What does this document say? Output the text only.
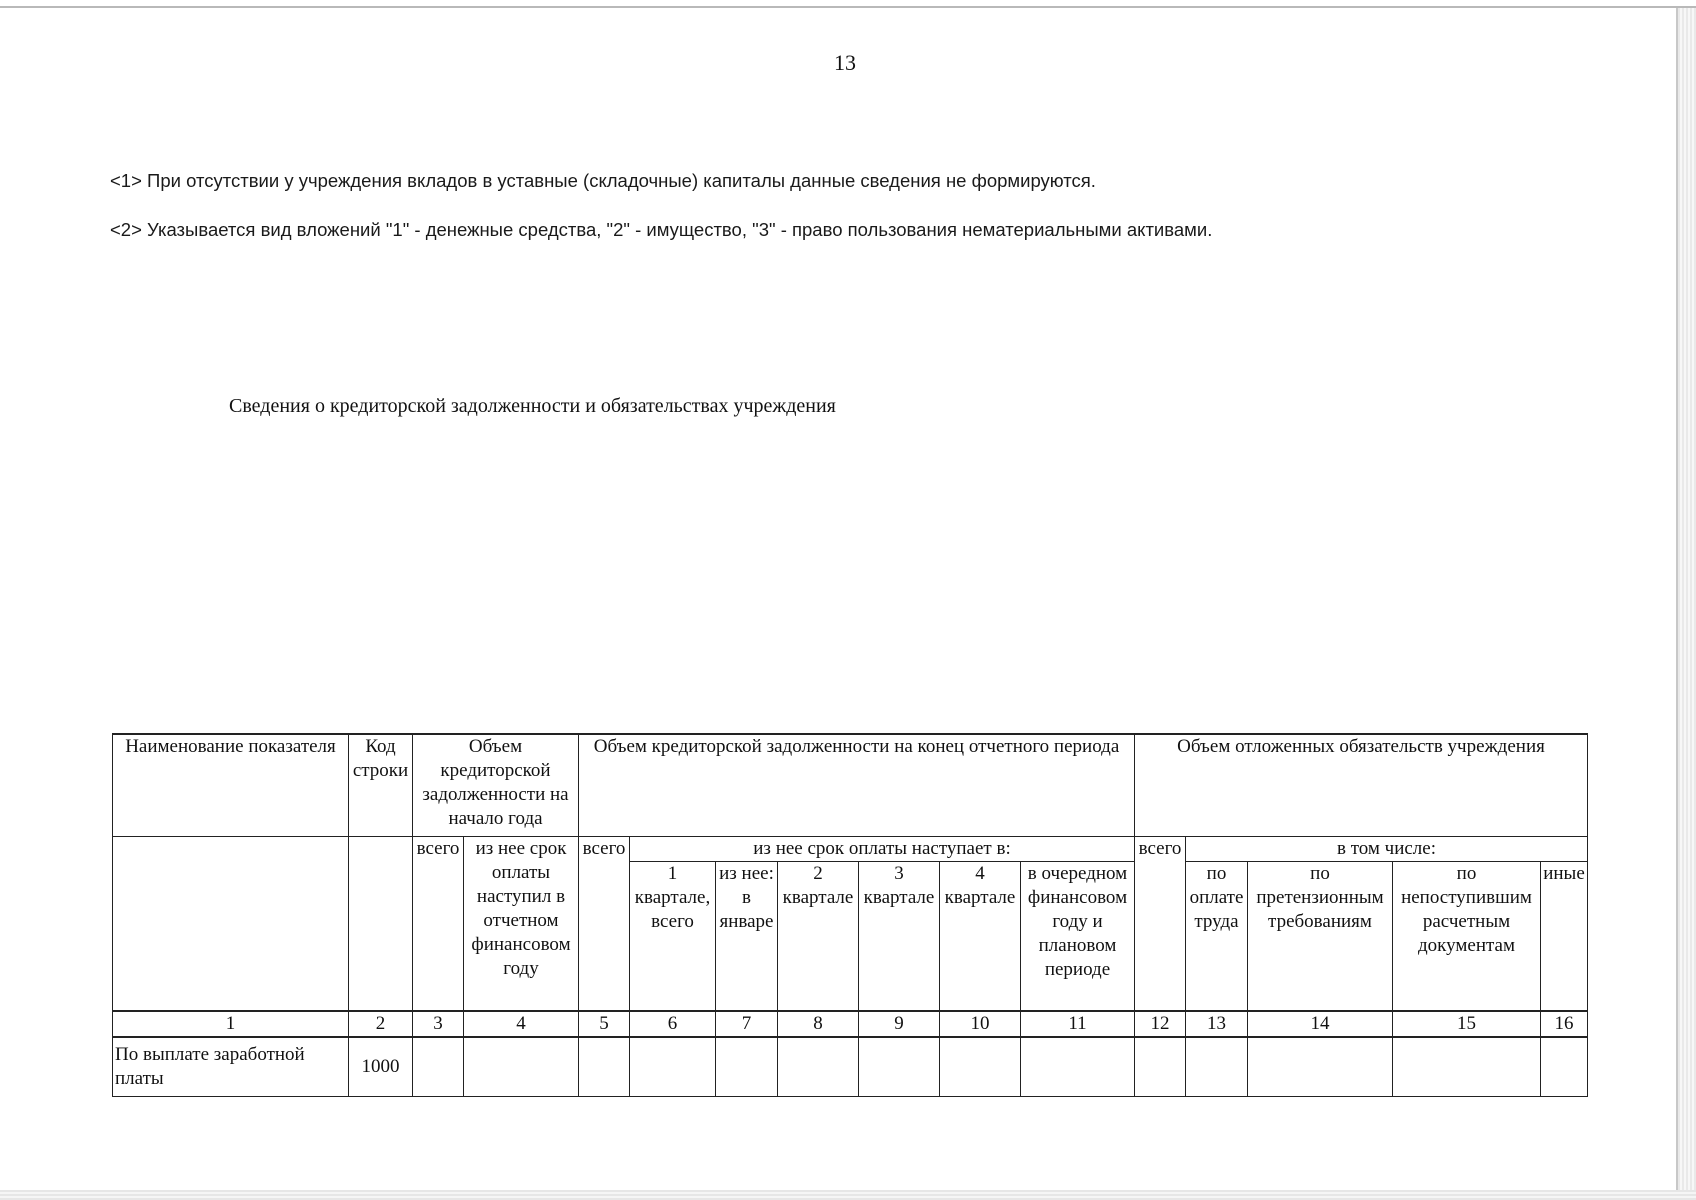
13
<1> При отсутствии у учреждения вкладов в уставные (складочные) капиталы данные сведения не формируются.
<2> Указывается вид вложений "1" - денежные средства, "2" - имущество, "3" - право пользования нематериальными активами.
Сведения о кредиторской задолженности и обязательствах учреждения
Наименование показателя	Код строки	Объем кредиторской задолженности на начало года		Объем кредиторской задолженности на конец отчетного периода							Объем отложенных обязательств учреждения				
		всего	из нее срок оплаты наступил в отчетном финансовом году	всего	из нее срок оплаты наступает в:						всего	в том числе:			
					1 квартале, всего	из нее: в январе	2 квартале	3 квартале	4 квартале	в очередном финансовом году и плановом периоде		по оплате труда	по претензионным требованиям	по непоступившим расчетным документам	иные
1	2	3	4	5	6	7	8	9	10	11	12	13	14	15	16
По выплате заработной платы	1000														
